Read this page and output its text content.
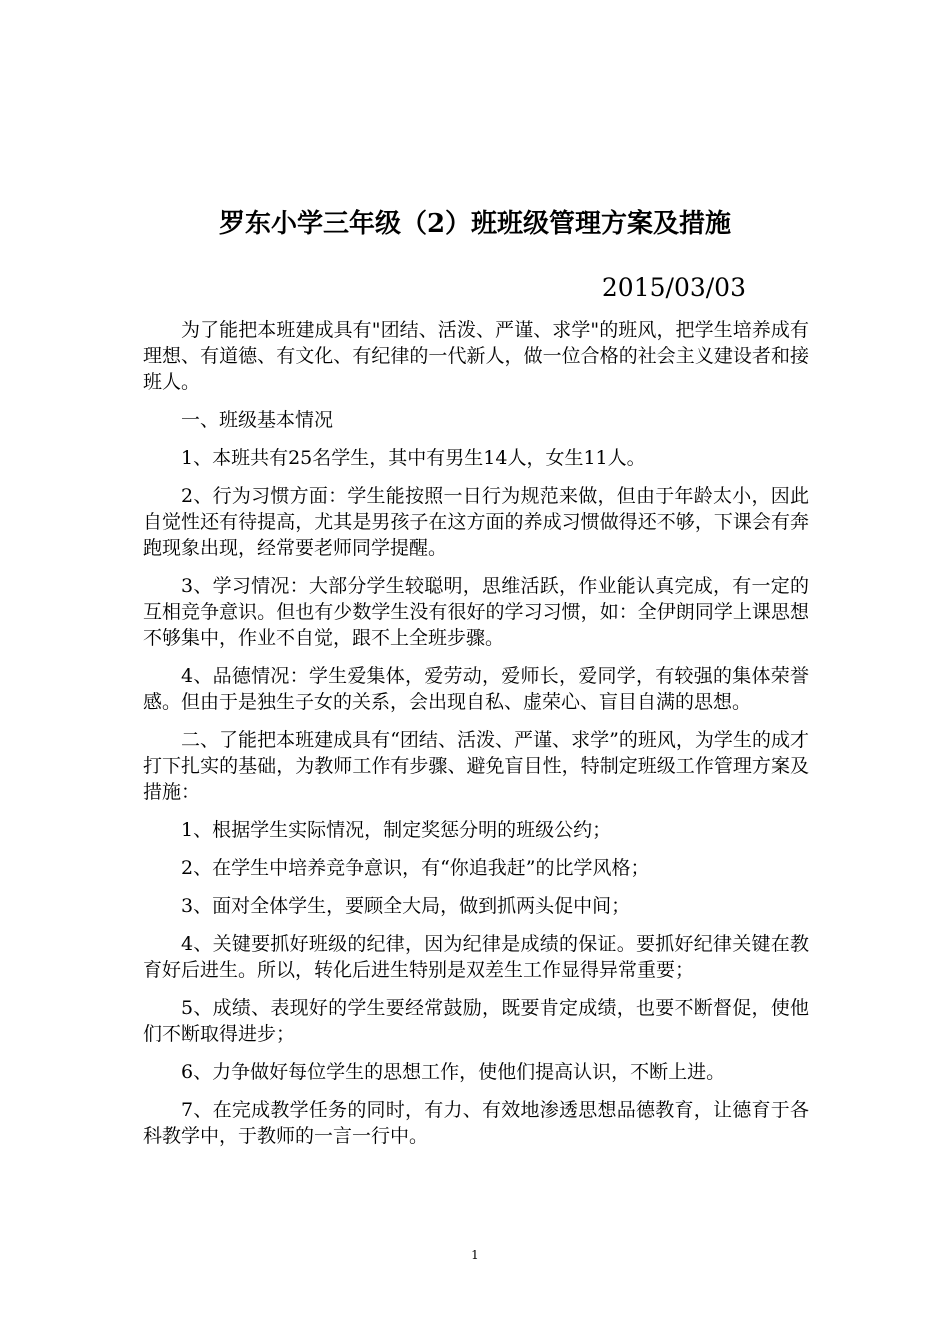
罗东小学三年级（2）班班级管理方案及措施
2015/03/03

为了能把本班建成具有"团结、活泼、严谨、求学"的班风，把学生培养成有理想、有道德、有文化、有纪律的一代新人，做一位合格的社会主义建设者和接班人。

一、班级基本情况

1、本班共有25名学生，其中有男生14人，女生11人。

2、行为习惯方面：学生能按照一日行为规范来做，但由于年龄太小，因此自觉性还有待提高，尤其是男孩子在这方面的养成习惯做得还不够，下课会有奔跑现象出现，经常要老师同学提醒。

3、学习情况：大部分学生较聪明，思维活跃，作业能认真完成，有一定的互相竞争意识。但也有少数学生没有很好的学习习惯，如：全伊朗同学上课思想不够集中，作业不自觉，跟不上全班步骤。

4、品德情况：学生爱集体，爱劳动，爱师长，爱同学，有较强的集体荣誉感。但由于是独生子女的关系，会出现自私、虚荣心、盲目自满的思想。

二、了能把本班建成具有“团结、活泼、严谨、求学”的班风，为学生的成才打下扎实的基础，为教师工作有步骤、避免盲目性，特制定班级工作管理方案及措施：

1、根据学生实际情况，制定奖惩分明的班级公约；

2、在学生中培养竞争意识，有“你追我赶”的比学风格；

3、面对全体学生，要顾全大局，做到抓两头促中间；

4、关键要抓好班级的纪律，因为纪律是成绩的保证。要抓好纪律关键在教育好后进生。所以，转化后进生特别是双差生工作显得异常重要；

5、成绩、表现好的学生要经常鼓励，既要肯定成绩，也要不断督促，使他们不断取得进步；

6、力争做好每位学生的思想工作，使他们提高认识，不断上进。

7、在完成教学任务的同时，有力、有效地渗透思想品德教育，让德育于各科教学中，于教师的一言一行中。

1
